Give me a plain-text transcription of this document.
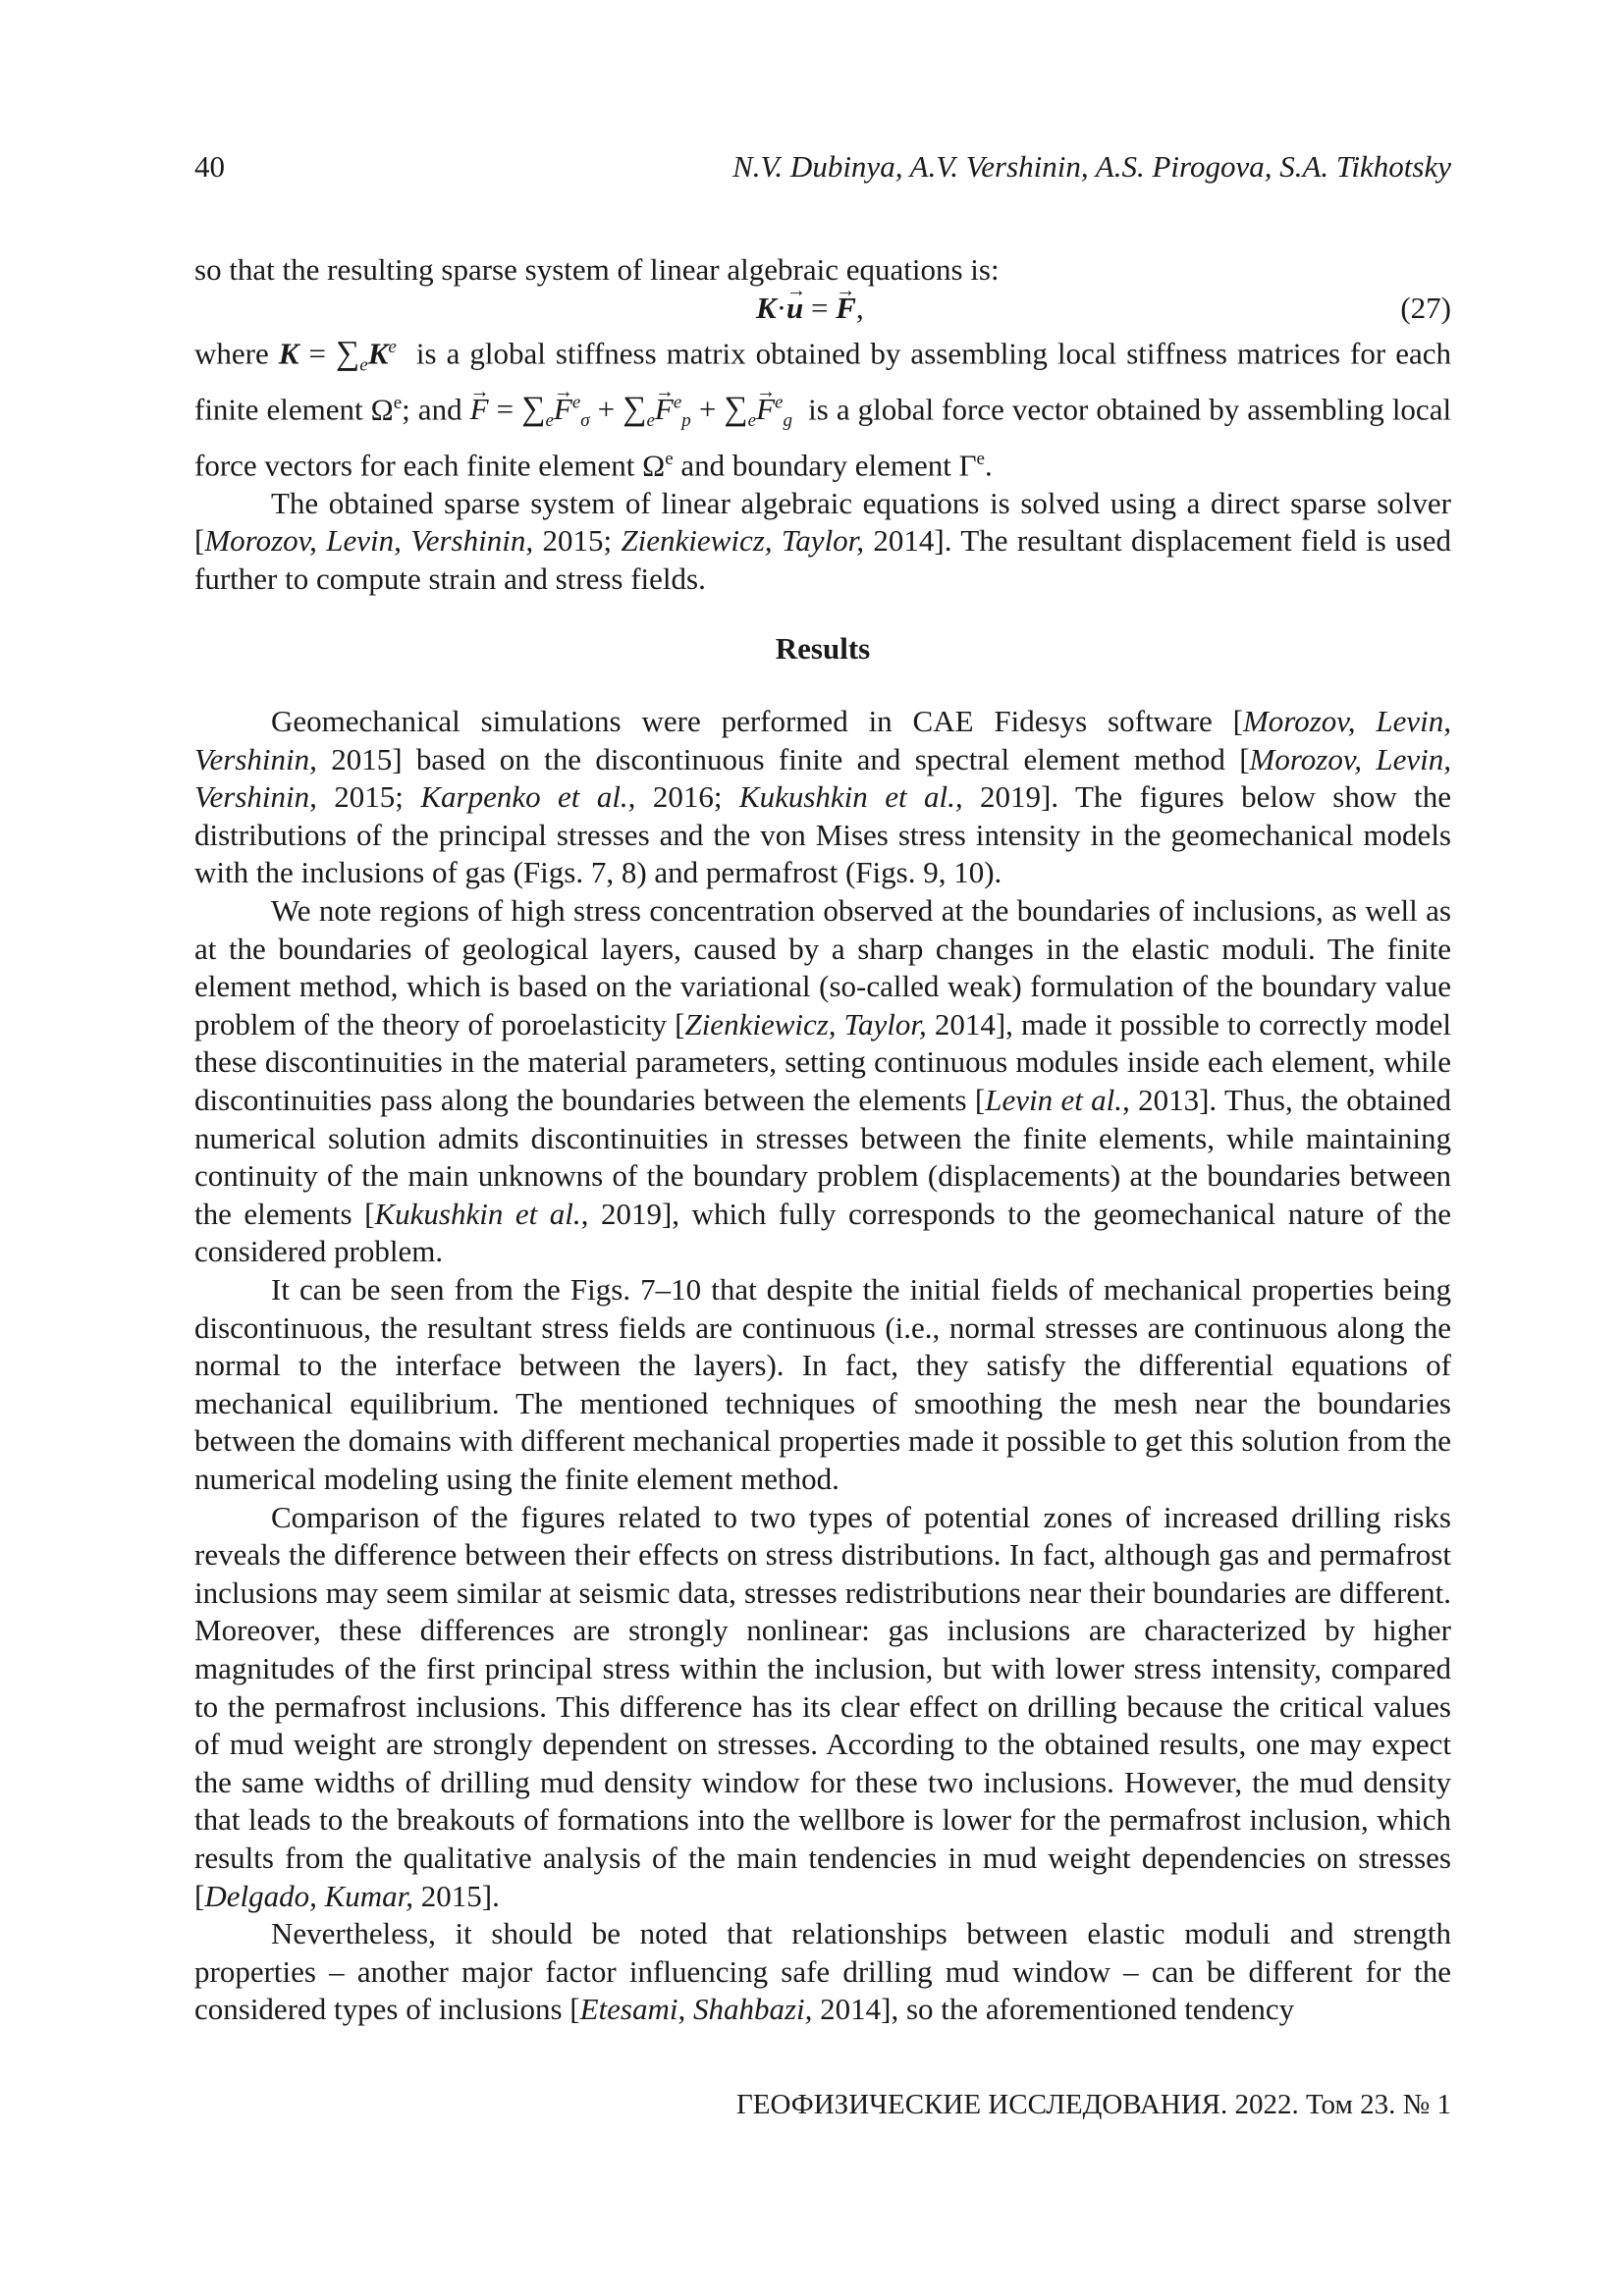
40	N.V. Dubinya, A.V. Vershinin, A.S. Pirogova, S.A. Tikhotsky

so that the resulting sparse system of linear algebraic equations is:

K·→ u = → F,	(27)

where $K = \sum_eK^e$ is a global stiffness matrix obtained by assembling local stiffness matrices for each finite element $\Omega^e$; and → $F = \sum_e\to F^e_\sigma + \sum_e\to F^e_p + \sum_e\to F^e_g$ is a global force vector obtained by assembling local force vectors for each finite element $\Omega^e$ and boundary element $\Gamma^e$.

The obtained sparse system of linear algebraic equations is solved using a direct sparse solver [Morozov, Levin, Vershinin, 2015; Zienkiewicz, Taylor, 2014]. The resultant displacement field is used further to compute strain and stress fields.

Results

Geomechanical simulations were performed in CAE Fidesys software [Morozov, Levin, Vershinin, 2015] based on the discontinuous finite and spectral element method [Morozov, Levin, Vershinin, 2015; Karpenko et al., 2016; Kukushkin et al., 2019]. The figures below show the distributions of the principal stresses and the von Mises stress intensity in the geomechanical models with the inclusions of gas (Figs. 7, 8) and permafrost (Figs. 9, 10).

We note regions of high stress concentration observed at the boundaries of inclusions, as well as at the boundaries of geological layers, caused by a sharp changes in the elastic moduli. The finite element method, which is based on the variational (so-called weak) formulation of the boundary value problem of the theory of poroelasticity [Zienkiewicz, Taylor, 2014], made it possible to correctly model these discontinuities in the material parameters, setting continuous modules inside each element, while discontinuities pass along the boundaries between the elements [Levin et al., 2013]. Thus, the obtained numerical solution admits discontinuities in stresses between the finite elements, while maintaining continuity of the main unknowns of the boundary problem (displacements) at the boundaries between the elements [Kukushkin et al., 2019], which fully corresponds to the geomechanical nature of the considered problem.

It can be seen from the Figs. 7–10 that despite the initial fields of mechanical properties being discontinuous, the resultant stress fields are continuous (i.e., normal stresses are continuous along the normal to the interface between the layers). In fact, they satisfy the differential equations of mechanical equilibrium. The mentioned techniques of smoothing the mesh near the boundaries between the domains with different mechanical properties made it possible to get this solution from the numerical modeling using the finite element method.

Comparison of the figures related to two types of potential zones of increased drilling risks reveals the difference between their effects on stress distributions. In fact, although gas and permafrost inclusions may seem similar at seismic data, stresses redistributions near their boundaries are different. Moreover, these differences are strongly nonlinear: gas inclusions are characterized by higher magnitudes of the first principal stress within the inclusion, but with lower stress intensity, compared to the permafrost inclusions. This difference has its clear effect on drilling because the critical values of mud weight are strongly dependent on stresses. According to the obtained results, one may expect the same widths of drilling mud density window for these two inclusions. However, the mud density that leads to the breakouts of formations into the wellbore is lower for the permafrost inclusion, which results from the qualitative analysis of the main tendencies in mud weight dependencies on stresses [Delgado, Kumar, 2015].

Nevertheless, it should be noted that relationships between elastic moduli and strength properties – another major factor influencing safe drilling mud window – can be different for the considered types of inclusions [Etesami, Shahbazi, 2014], so the aforementioned tendency

ГЕОФИЗИЧЕСКИЕ ИССЛЕДОВАНИЯ. 2022. Том 23. № 1
